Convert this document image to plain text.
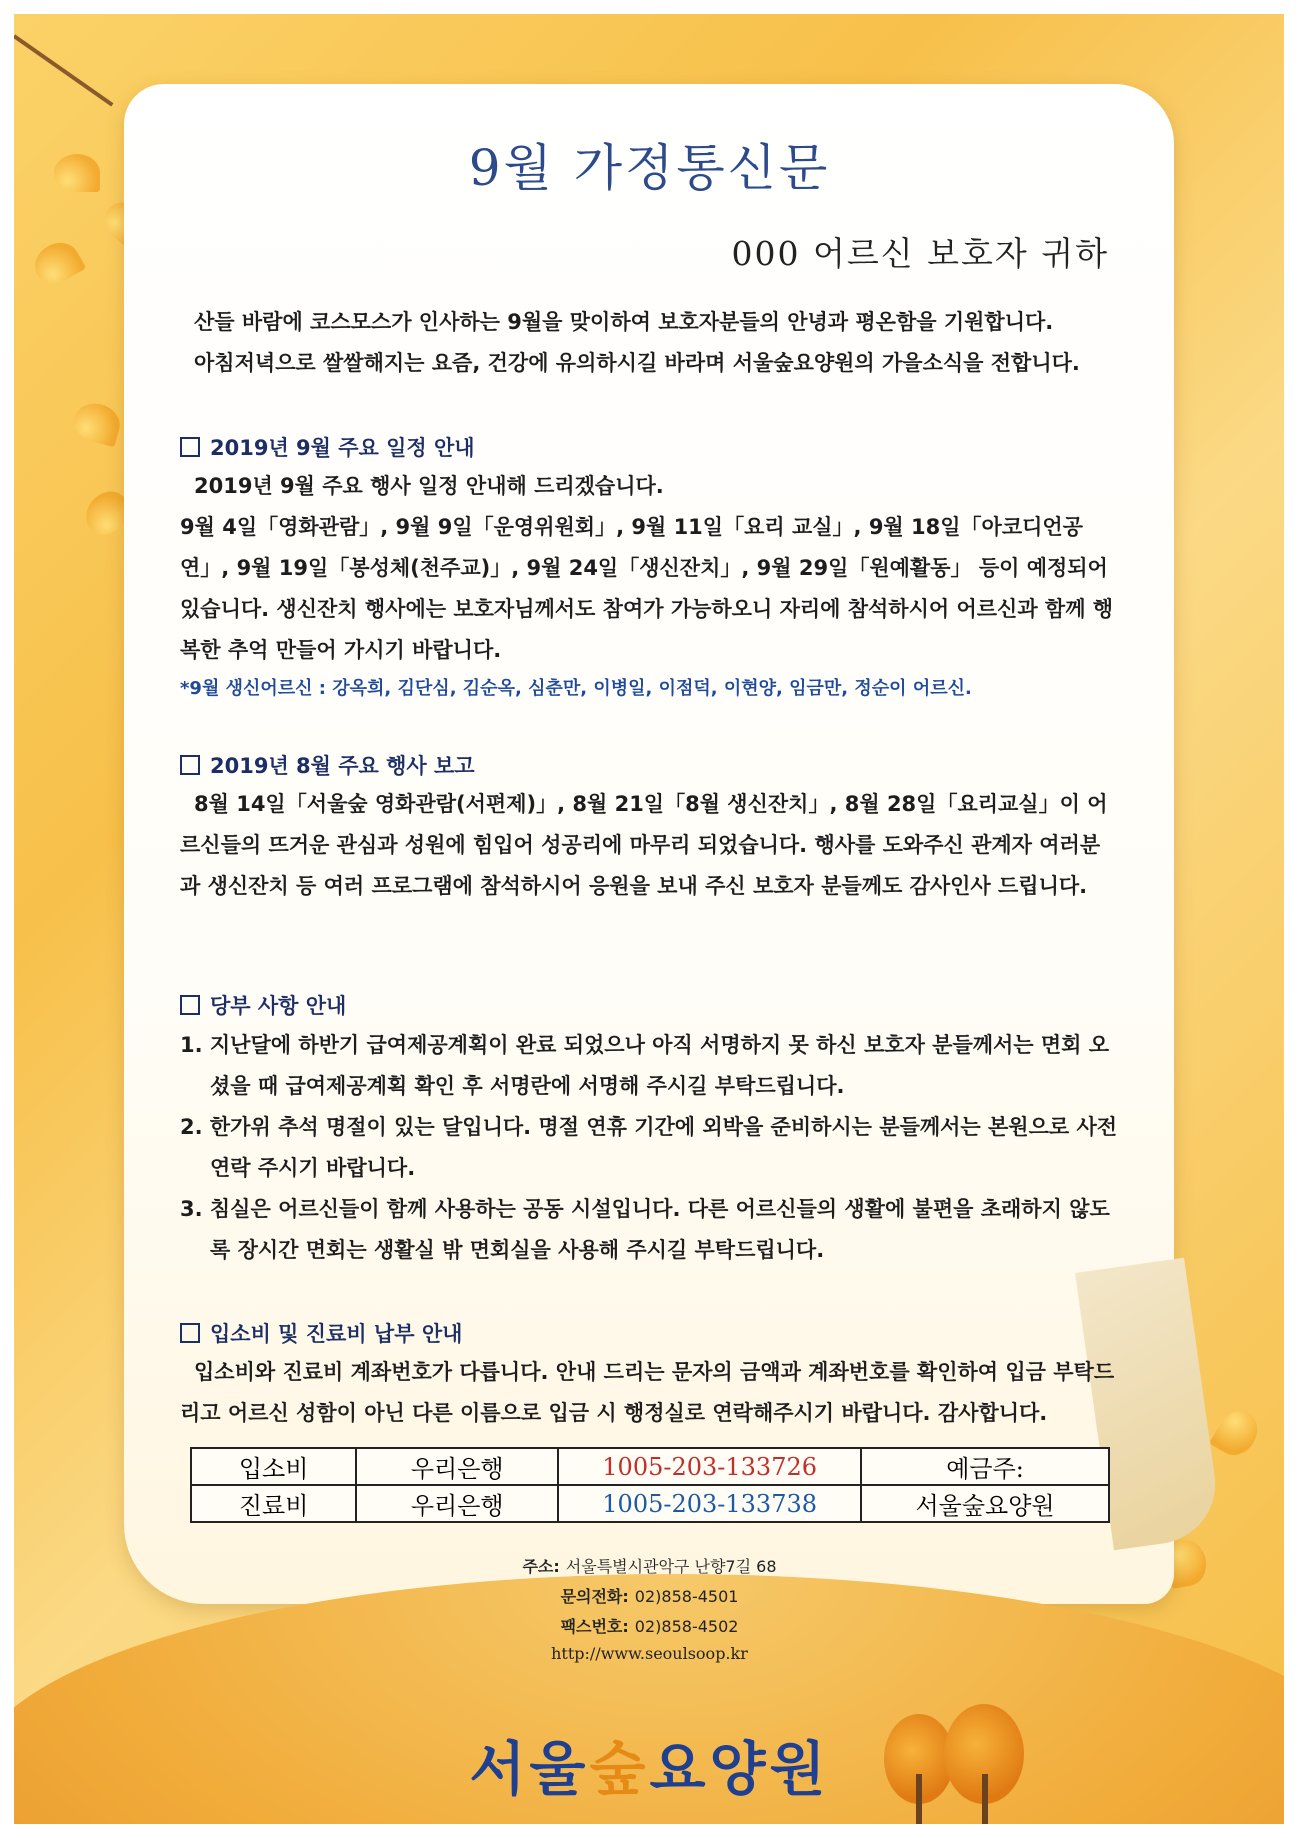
9월 가정통신문
000 어르신 보호자 귀하
산들 바람에 코스모스가 인사하는 9월을 맞이하여 보호자분들의 안녕과 평온함을 기원합니다.
아침저녁으로 쌀쌀해지는 요즘, 건강에 유의하시길 바라며 서울숲요양원의 가을소식을 전합니다.
2019년 9월 주요 일정 안내
2019년 9월 주요 행사 일정 안내해 드리겠습니다.
9월 4일「영화관람」, 9월 9일「운영위원회」, 9월 11일「요리 교실」, 9월 18일「아코디언공연」, 9월 19일「봉성체(천주교)」, 9월 24일「생신잔치」, 9월 29일「원예활동」 등이 예정되어 있습니다. 생신잔치 행사에는 보호자님께서도 참여가 가능하오니 자리에 참석하시어 어르신과 함께 행복한 추억 만들어 가시기 바랍니다.
*9월 생신어르신 : 강옥희, 김단심, 김순옥, 심춘만, 이병일, 이점덕, 이현양, 임금만, 정순이 어르신.
2019년 8월 주요 행사 보고
8월 14일「서울숲 영화관람(서편제)」, 8월 21일「8월 생신잔치」, 8월 28일「요리교실」이 어르신들의 뜨거운 관심과 성원에 힘입어 성공리에 마무리 되었습니다. 행사를 도와주신 관계자 여러분과 생신잔치 등 여러 프로그램에 참석하시어 응원을 보내 주신 보호자 분들께도 감사인사 드립니다.
당부 사항 안내
1. 지난달에 하반기 급여제공계획이 완료 되었으나 아직 서명하지 못 하신 보호자 분들께서는 면회 오셨을 때 급여제공계획 확인 후 서명란에 서명해 주시길 부탁드립니다.
2. 한가위 추석 명절이 있는 달입니다. 명절 연휴 기간에 외박을 준비하시는 분들께서는 본원으로 사전 연락 주시기 바랍니다.
3. 침실은 어르신들이 함께 사용하는 공동 시설입니다. 다른 어르신들의 생활에 불편을 초래하지 않도록 장시간 면회는 생활실 밖 면회실을 사용해 주시길 부탁드립니다.
입소비 및 진료비 납부 안내
입소비와 진료비 계좌번호가 다릅니다. 안내 드리는 문자의 금액과 계좌번호를 확인하여 입금 부탁드리고 어르신 성함이 아닌 다른 이름으로 입금 시 행정실로 연락해주시기 바랍니다. 감사합니다.
입소비	우리은행	1005-203-133726	예금주:
진료비	우리은행	1005-203-133738	서울숲요양원
주소: 서울특별시관악구 난향7길 68
문의전화: 02)858-4501
팩스번호: 02)858-4502
http://www.seoulsoop.kr
서울숲요양원
